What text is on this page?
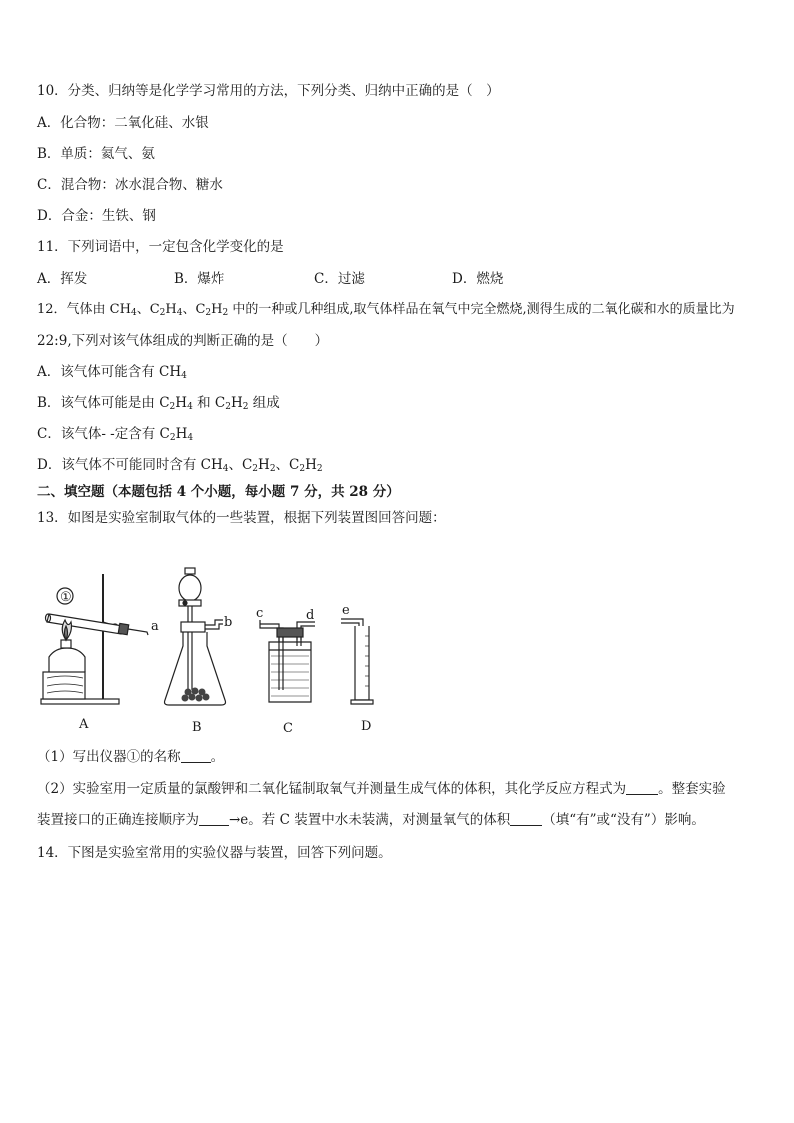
10．分类、归纳等是化学学习常用的方法，下列分类、归纳中正确的是（　）
A．化合物：二氧化硅、水银
B．单质：氦气、氨
C．混合物：冰水混合物、糖水
D．合金：生铁、钢
11．下列词语中，一定包含化学变化的是
A．挥发	B．爆炸	C．过滤	D．燃烧
12．气体由 $CH_4$、$C_2H_4$、$C_2H_2$ 中的一种或几种组成,取气体样品在氧气中完全燃烧,测得生成的二氧化碳和水的质量比为
22:9,下列对该气体组成的判断正确的是（　　）
A．该气体可能含有 $CH_4$
B．该气体可能是由 $C_2H_4$ 和 $C_2H_2$ 组成
C．该气体- -定含有 $C_2H_4$
D．该气体不可能同时含有 $CH_4$、$C_2H_2$、$C_2H_2$
二、填空题（本题包括 4 个小题，每小题 7 分，共 28 分）
13．如图是实验室制取气体的一些装置，根据下列装置图回答问题：
①
a	b
c	d e
A	B	C	D
（1）写出仪器①的名称 。
（2）实验室用一定质量的氯酸钾和二氧化锰制取氧气并测量生成气体的体积，其化学反应方程式为 。整套实验
装置接口的正确连接顺序为 →e。若 C 装置中水未装满，对测量氧气的体积 （填“有”或“没有”）影响。
14．下图是实验室常用的实验仪器与装置，回答下列问题。
